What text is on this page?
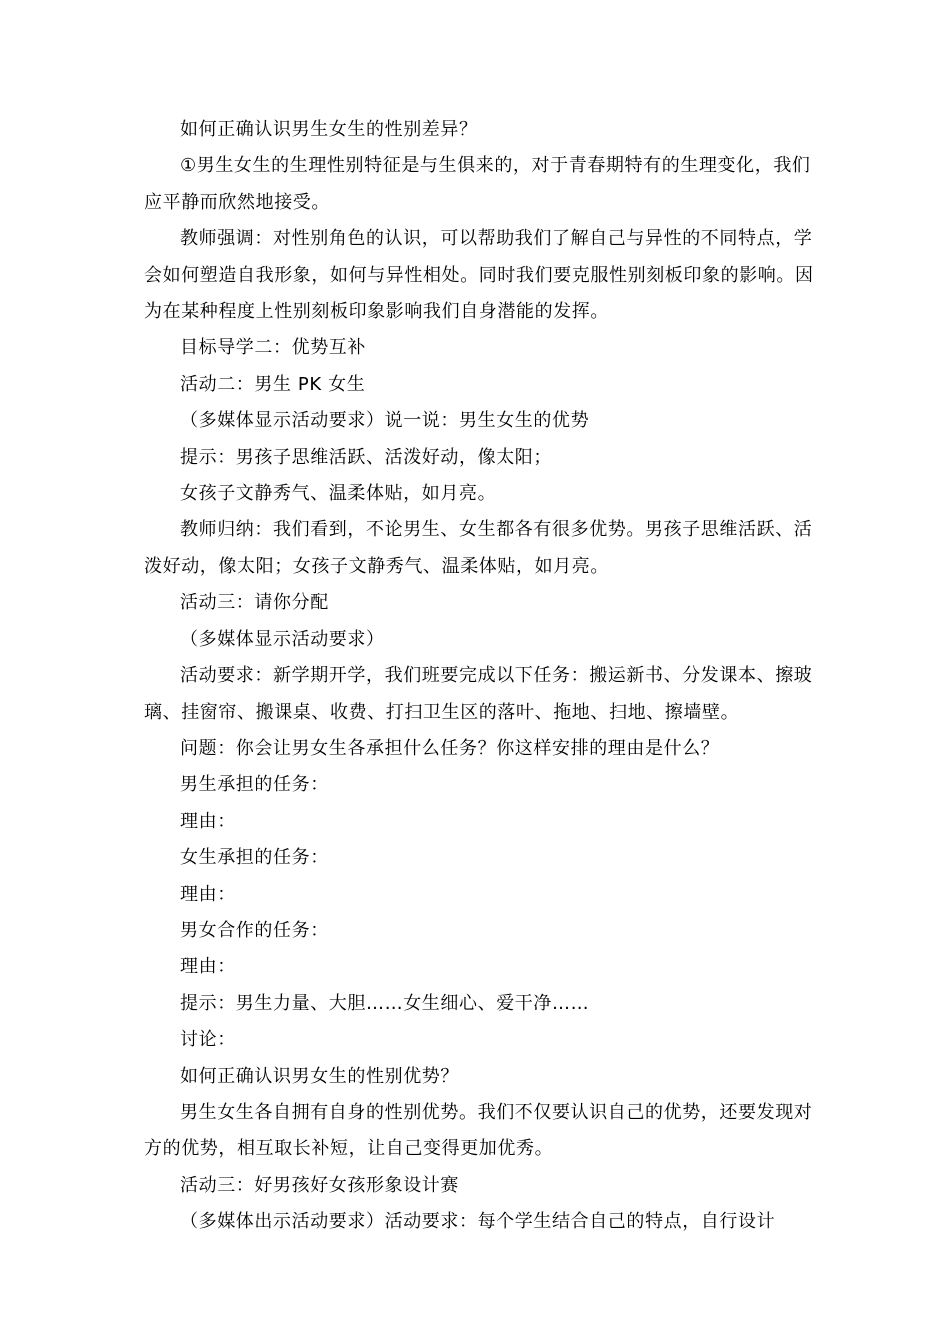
如何正确认识男生女生的性别差异？

①男生女生的生理性别特征是与生俱来的，对于青春期特有的生理变化，我们应平静而欣然地接受。

教师强调：对性别角色的认识，可以帮助我们了解自己与异性的不同特点，学会如何塑造自我形象，如何与异性相处。同时我们要克服性别刻板印象的影响。因为在某种程度上性别刻板印象影响我们自身潜能的发挥。

目标导学二：优势互补

活动二：男生 PK 女生

（多媒体显示活动要求）说一说：男生女生的优势

提示：男孩子思维活跃、活泼好动，像太阳；

女孩子文静秀气、温柔体贴，如月亮。

教师归纳：我们看到，不论男生、女生都各有很多优势。男孩子思维活跃、活泼好动，像太阳；女孩子文静秀气、温柔体贴，如月亮。

活动三：请你分配

（多媒体显示活动要求）

活动要求：新学期开学，我们班要完成以下任务：搬运新书、分发课本、擦玻璃、挂窗帘、搬课桌、收费、打扫卫生区的落叶、拖地、扫地、擦墙壁。

问题：你会让男女生各承担什么任务？你这样安排的理由是什么？

男生承担的任务：

理由：

女生承担的任务：

理由：

男女合作的任务：

理由：

提示：男生力量、大胆……女生细心、爱干净……

讨论：

如何正确认识男女生的性别优势？

男生女生各自拥有自身的性别优势。我们不仅要认识自己的优势，还要发现对方的优势，相互取长补短，让自己变得更加优秀。

活动三：好男孩好女孩形象设计赛

（多媒体出示活动要求）活动要求：每个学生结合自己的特点，自行设计
